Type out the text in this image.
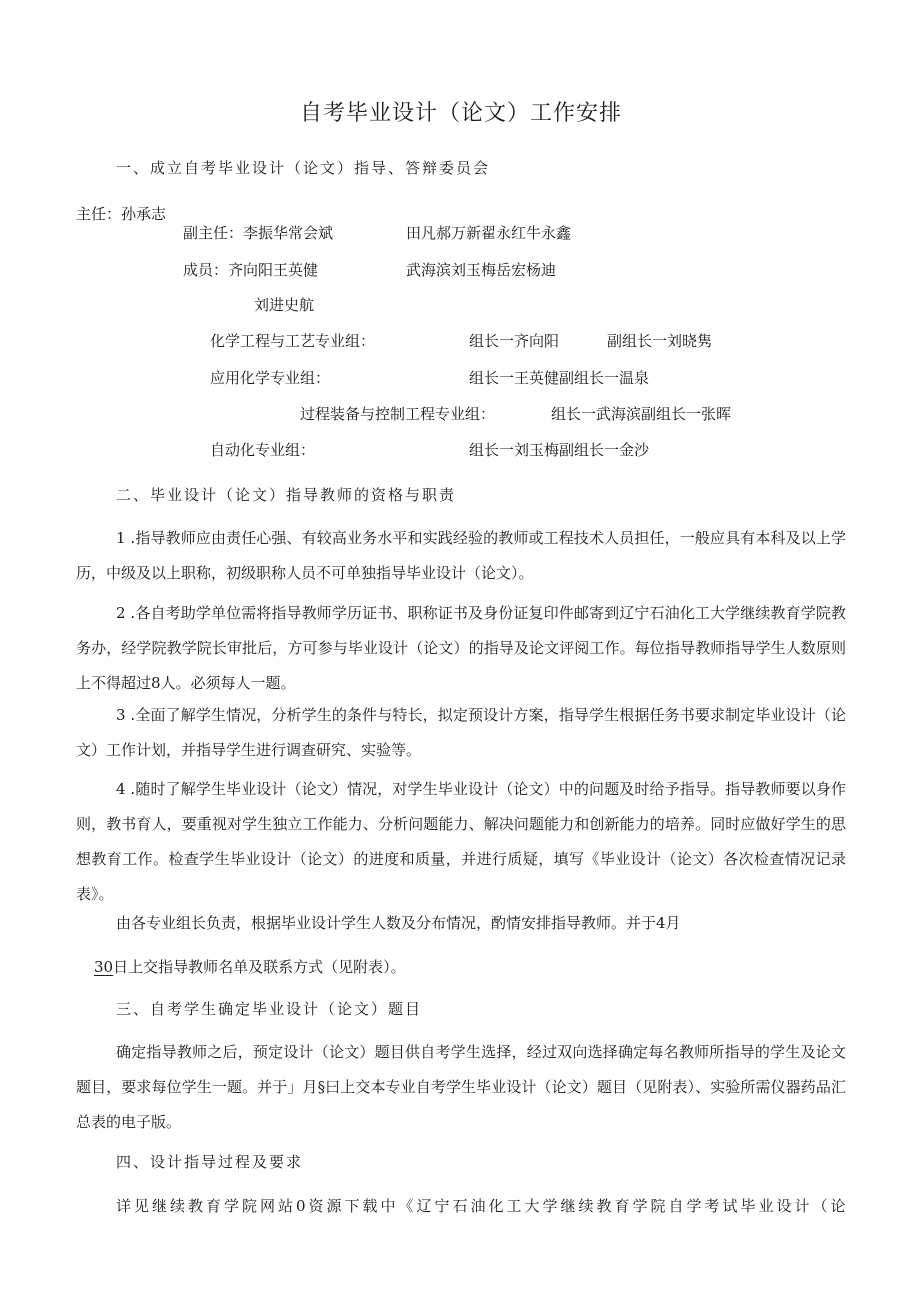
自考毕业设计（论文）工作安排
一、成立自考毕业设计（论文）指导、答辩委员会
主任：孙承志
副主任：李振华常会斌	田凡郝万新翟永红牛永鑫
成员：齐向阳王英健	武海滨刘玉梅岳宏杨迪
刘进史航
化学工程与工艺专业组：	组长一齐向阳	副组长一刘晓隽
应用化学专业组：	组长一王英健副组长一温泉
过程装备与控制工程专业组：	组长一武海滨副组长一张晖
自动化专业组：	组长一刘玉梅副组长一金沙
二、毕业设计（论文）指导教师的资格与职责
1 .指导教师应由责任心强、有较高业务水平和实践经验的教师或工程技术人员担任，一般应具有本科及以上学历，中级及以上职称，初级职称人员不可单独指导毕业设计（论文）。
2 .各自考助学单位需将指导教师学历证书、职称证书及身份证复印件邮寄到辽宁石油化工大学继续教育学院教务办，经学院教学院长审批后，方可参与毕业设计（论文）的指导及论文评阅工作。每位指导教师指导学生人数原则上不得超过8人。必须每人一题。
3 .全面了解学生情况，分析学生的条件与特长，拟定预设计方案，指导学生根据任务书要求制定毕业设计（论文）工作计划，并指导学生进行调查研究、实验等。
4 .随时了解学生毕业设计（论文）情况，对学生毕业设计（论文）中的问题及时给予指导。指导教师要以身作则，教书育人，要重视对学生独立工作能力、分析问题能力、解决问题能力和创新能力的培养。同时应做好学生的思想教育工作。检查学生毕业设计（论文）的进度和质量，并进行质疑，填写《毕业设计（论文）各次检查情况记录表》。
由各专业组长负责，根据毕业设计学生人数及分布情况，酌情安排指导教师。并于4月
30日上交指导教师名单及联系方式（见附表）。
三、自考学生确定毕业设计（论文）题目
确定指导教师之后，预定设计（论文）题目供自考学生选择，经过双向选择确定每名教师所指导的学生及论文题目，要求每位学生一题。并于」月§曰上交本专业自考学生毕业设计（论文）题目（见附表）、实验所需仪器药品汇总表的电子版。
四、设计指导过程及要求
详见继续教育学院网站0资源下载中《辽宁石油化工大学继续教育学院自学考试毕业设计（论
